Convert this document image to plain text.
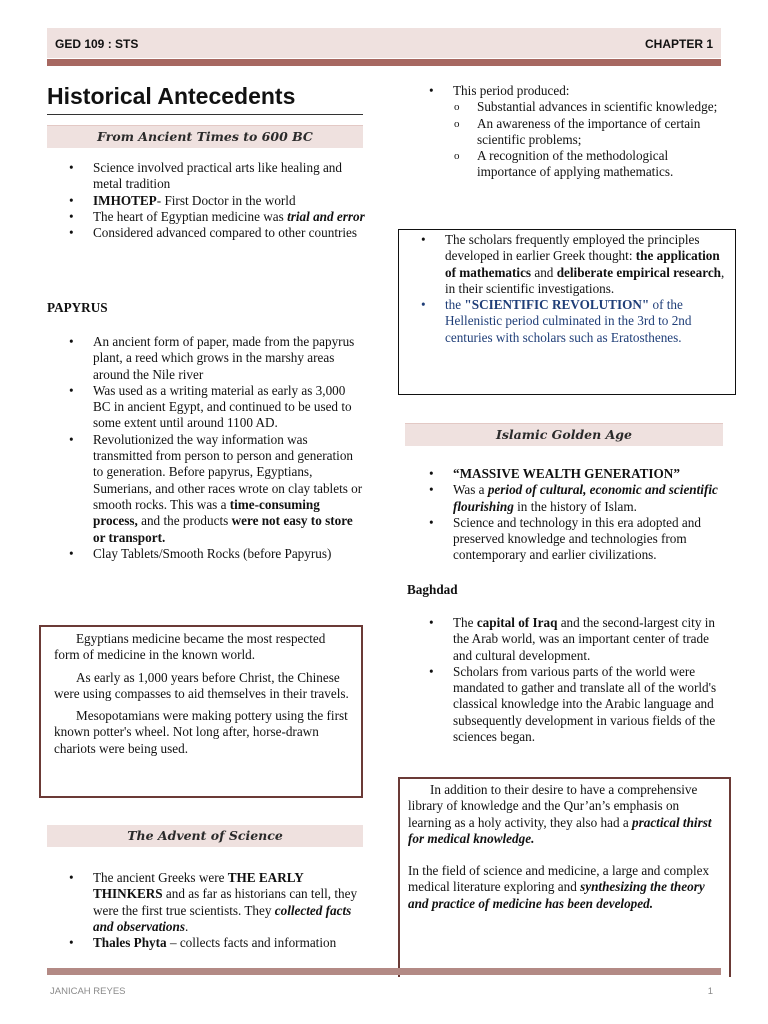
GED 109 : STS	CHAPTER 1
Historical Antecedents
From Ancient Times to 600 BC
• Science involved practical arts like healing and metal tradition
• IMHOTEP- First Doctor in the world
• The heart of Egyptian medicine was trial and error
• Considered advanced compared to other countries
PAPYRUS
• An ancient form of paper, made from the papyrus plant, a reed which grows in the marshy areas around the Nile river
• Was used as a writing material as early as 3,000 BC in ancient Egypt, and continued to be used to some extent until around 1100 AD.
• Revolutionized the way information was transmitted from person to person and generation to generation. Before papyrus, Egyptians, Sumerians, and other races wrote on clay tablets or smooth rocks. This was a time-consuming process, and the products were not easy to store or transport.
• Clay Tablets/Smooth Rocks (before Papyrus)

Egyptians medicine became the most respected form of medicine in the known world.

As early as 1,000 years before Christ, the Chinese were using compasses to aid themselves in their travels.

Mesopotamians were making pottery using the first known potter's wheel. Not long after, horse-drawn chariots were being used.

The Advent of Science
• The ancient Greeks were THE EARLY THINKERS and as far as historians can tell, they were the first true scientists. They collected facts and observations.
• Thales Phyta – collects facts and information
• This period produced:
o Substantial advances in scientific knowledge;
o An awareness of the importance of certain scientific problems;
o A recognition of the methodological importance of applying mathematics.
• The scholars frequently employed the principles developed in earlier Greek thought: the application of mathematics and deliberate empirical research, in their scientific investigations.
• the "SCIENTIFIC REVOLUTION" of the Hellenistic period culminated in the 3rd to 2nd centuries with scholars such as Eratosthenes.
Islamic Golden Age
• “MASSIVE WEALTH GENERATION”
• Was a period of cultural, economic and scientific flourishing in the history of Islam.
• Science and technology in this era adopted and preserved knowledge and technologies from contemporary and earlier civilizations.
Baghdad
• The capital of Iraq and the second-largest city in the Arab world, was an important center of trade and cultural development.
• Scholars from various parts of the world were mandated to gather and translate all of the world's classical knowledge into the Arabic language and subsequently development in various fields of the sciences began.

In addition to their desire to have a comprehensive library of knowledge and the Qur’an’s emphasis on learning as a holy activity, they also had a practical thirst for medical knowledge.

In the field of science and medicine, a large and complex medical literature exploring and synthesizing the theory and practice of medicine has been developed.

JANICAH REYES	1
